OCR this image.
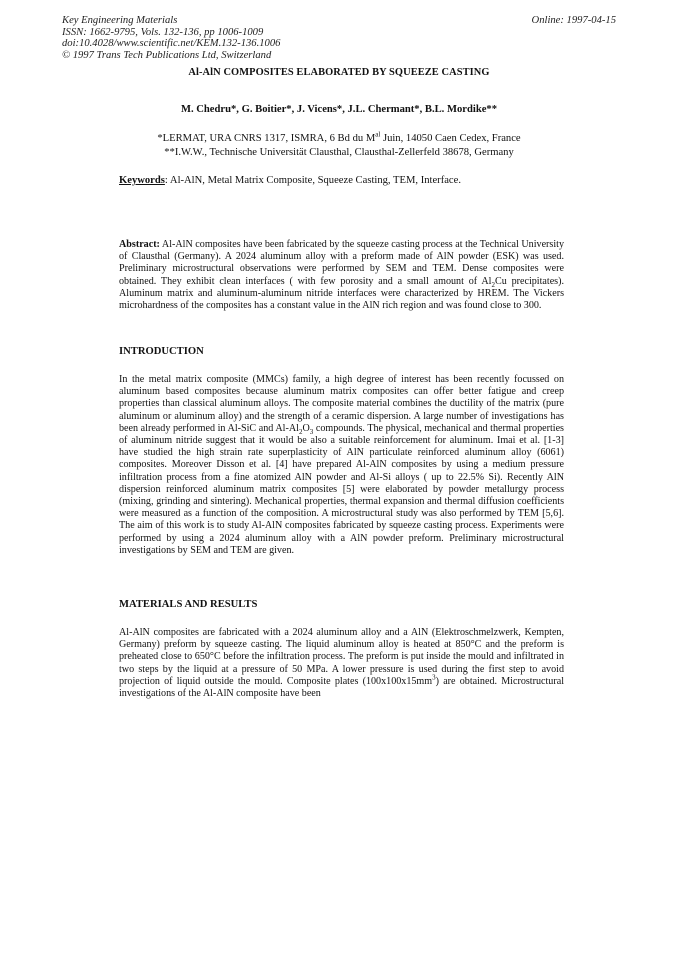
Key Engineering Materials
ISSN: 1662-9795, Vols. 132-136, pp 1006-1009
doi:10.4028/www.scientific.net/KEM.132-136.1006
© 1997 Trans Tech Publications Ltd, Switzerland
Online: 1997-04-15
Al-AlN COMPOSITES ELABORATED BY SQUEEZE CASTING
M. Chedru*, G. Boitier*, J. Vicens*, J.L. Chermant*, B.L. Mordike**
*LERMAT, URA CNRS 1317, ISMRA, 6 Bd du $M^{al}$ Juin, 14050 Caen Cedex, France
**I.W.W., Technische Universität Clausthal, Clausthal-Zellerfeld 38678, Germany
Keywords: Al-AlN, Metal Matrix Composite, Squeeze Casting, TEM, Interface.

Abstract: Al-AlN composites have been fabricated by the squeeze casting process at the Technical University of Clausthal (Germany). A 2024 aluminum alloy with a preform made of AlN powder (ESK) was used. Preliminary microstructural observations were performed by SEM and TEM. Dense composites were obtained. They exhibit clean interfaces ( with few porosity and a small amount of $Al_2Cu$ precipitates). Aluminum matrix and aluminum-aluminum nitride interfaces were characterized by HREM. The Vickers microhardness of the composites has a constant value in the AlN rich region and was found close to 300.

INTRODUCTION

In the metal matrix composite (MMCs) family, a high degree of interest has been recently focussed on aluminum based composites because aluminum matrix composites can offer better fatigue and creep properties than classical aluminum alloys. The composite material combines the ductility of the matrix (pure aluminum or aluminum alloy) and the strength of a ceramic dispersion. A large number of investigations has been already performed in Al-SiC and $Al-Al_2O_3$ compounds. The physical, mechanical and thermal properties of aluminum nitride suggest that it would be also a suitable reinforcement for aluminum. Imai et al. [1-3] have studied the high strain rate superplasticity of AlN particulate reinforced aluminum alloy (6061) composites. Moreover Disson et al. [4] have prepared Al-AlN composites by using a medium pressure infiltration process from a fine atomized AlN powder and Al-Si alloys ( up to 22.5% Si). Recently AlN dispersion reinforced aluminum matrix composites [5] were elaborated by powder metallurgy process (mixing, grinding and sintering). Mechanical properties, thermal expansion and thermal diffusion coefficients were measured as a function of the composition. A microstructural study was also performed by TEM [5,6]. The aim of this work is to study Al-AlN composites fabricated by squeeze casting process. Experiments were performed by using a 2024 aluminum alloy with a AlN powder preform. Preliminary microstructural investigations by SEM and TEM are given.

MATERIALS AND RESULTS

Al-AlN composites are fabricated with a 2024 aluminum alloy and a AlN (Elektroschmelzwerk, Kempten, Germany) preform by squeeze casting. The liquid aluminum alloy is heated at 850°C and the preform is preheated close to 650°C before the infiltration process. The preform is put inside the mould and infiltrated in two steps by the liquid at a pressure of 50 MPa. A lower pressure is used during the first step to avoid projection of liquid outside the mould. Composite plates $(100x100x15mm^3)$ are obtained. Microstructural investigations of the Al-AlN composite have been
